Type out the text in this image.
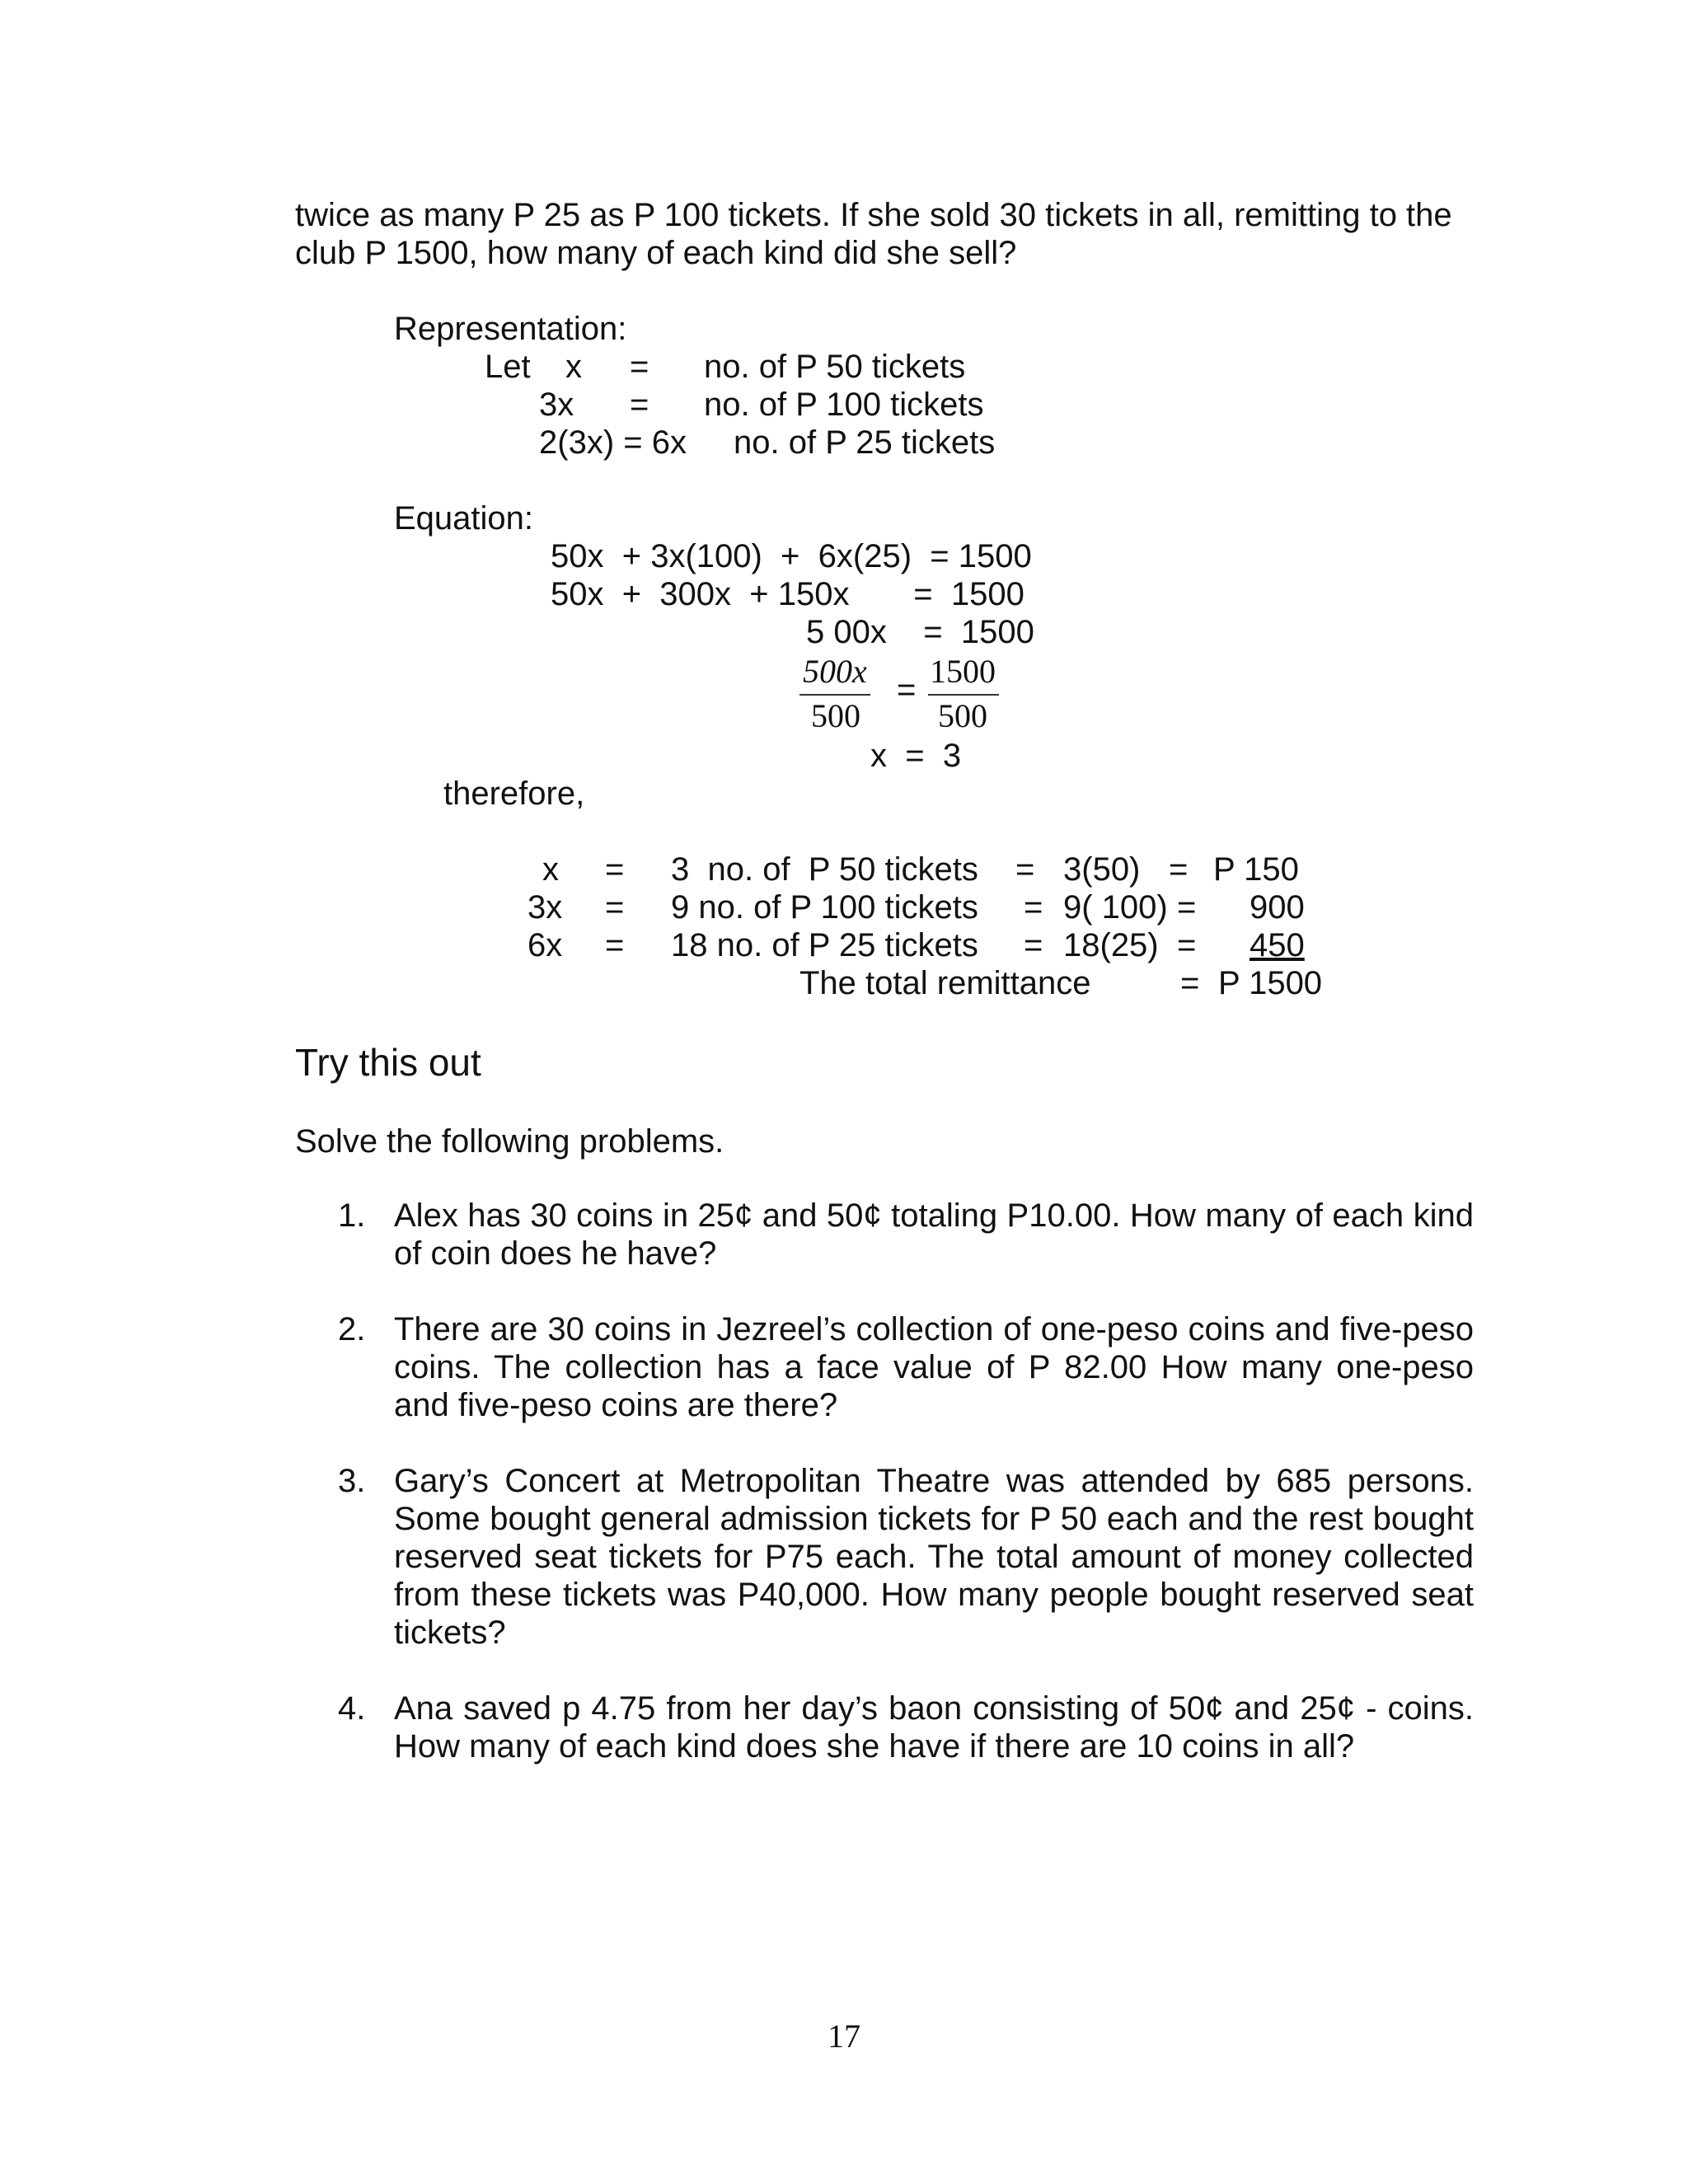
twice as many P 25 as P 100 tickets. If she sold 30 tickets in all, remitting to the
club P 1500, how many of each kind did she sell?
Representation:
Let x = no. of P 50 tickets
3x = no. of P 100 tickets
2(3x) = 6x no. of P 25 tickets
Equation:
50x  + 3x(100)  +  6x(25)  = 1500
50x  +  300x  + 150x       =  1500
5 00x    =  1500
500x
500
= 1500
500
x  =  3
therefore,
x = 3  no. of  P 50 tickets = 3(50) = P 150
3x = 9 no. of P 100 tickets = 9( 100) = 900
6x = 18 no. of P 25 tickets = 18(25) = 450
The total remittance	= P 1500
Try this out
Solve the following problems.
1. Alex has 30 coins in 25¢ and 50¢ totaling P10.00. How many of each kind of coin does he have?
2. There are 30 coins in Jezreel’s collection of one-peso coins and five-peso coins. The collection has a face value of P 82.00 How many one-peso and five-peso coins are there?
3. Gary’s Concert at Metropolitan Theatre was attended by 685 persons. Some bought general admission tickets for P 50 each and the rest bought reserved seat tickets for P75 each. The total amount of money collected from these tickets was P40,000. How many people bought reserved seat tickets?
4. Ana saved p 4.75 from her day’s baon consisting of 50¢ and 25¢ - coins. How many of each kind does she have if there are 10 coins in all?
17
